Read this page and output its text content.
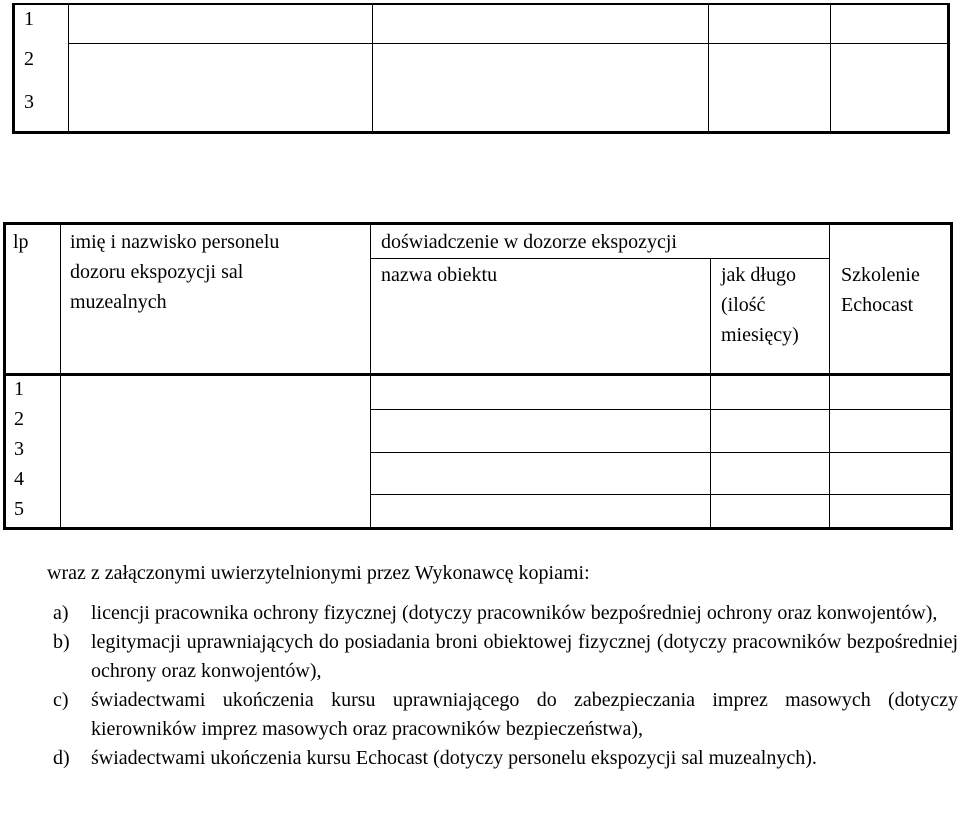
1
2
3
lp imię i nazwisko personelu
dozoru ekspozycji sal
muzealnych
doświadczenie w dozorze ekspozycji
nazwa obiektu	jak długo
(ilość
miesięcy)
Szkolenie
Echocast
1
2
3
4
5
wraz z załączonymi uwierzytelnionymi przez Wykonawcę kopiami:
a) licencji pracownika ochrony fizycznej (dotyczy pracowników bezpośredniej ochrony oraz konwojentów),
b) legitymacji uprawniających do posiadania broni obiektowej fizycznej (dotyczy pracowników bezpośredniej ochrony oraz konwojentów),
c) świadectwami ukończenia kursu uprawniającego do zabezpieczania imprez masowych (dotyczy kierowników imprez masowych oraz pracowników bezpieczeństwa),
d) świadectwami ukończenia kursu Echocast (dotyczy personelu ekspozycji sal muzealnych).
